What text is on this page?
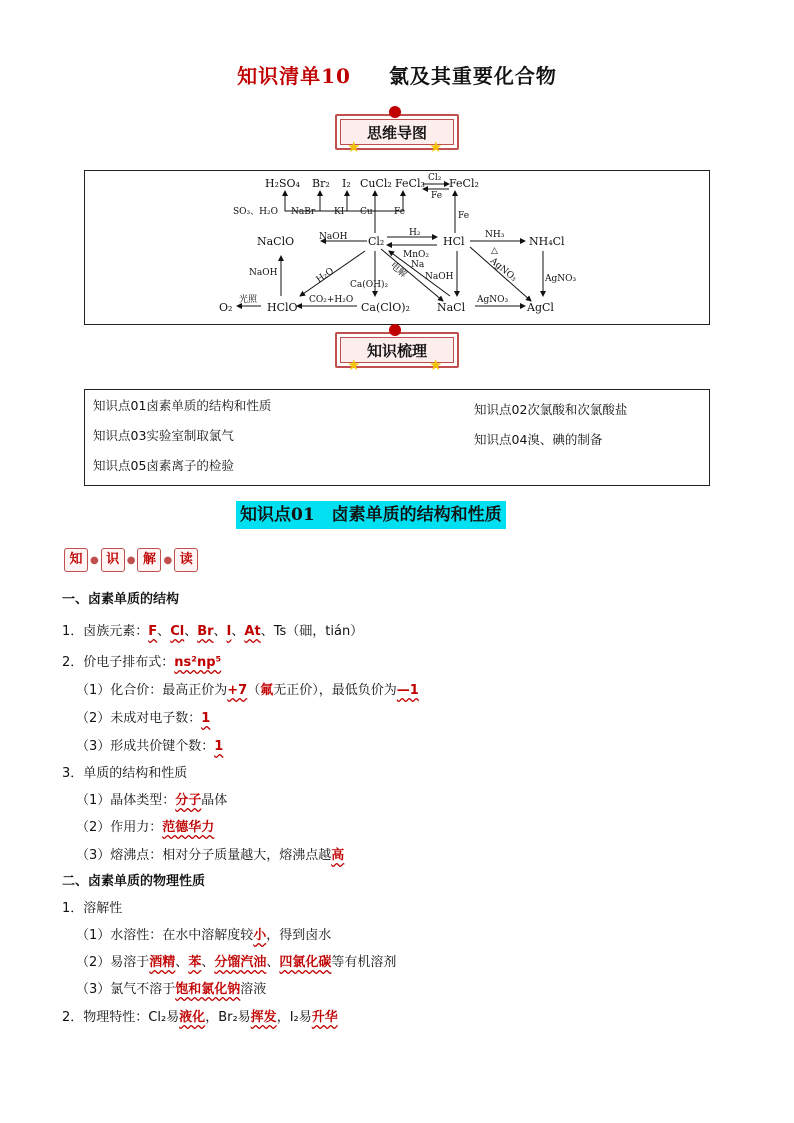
知识清单10 氯及其重要化合物
思维导图
★	★
H₂SO₄ Br₂ I₂ CuCl₂ FeCl₃ FeCl₂
Cl₂
Fe
SO₃、H₂O NaBr KI Cu Fe	Fe
NaClO	NaOH Cl₂
H₂
MnO₂
HCl NH₃
△
NH₄Cl
NaOH	H₂O Ca(OH)₂
电解 Na
NaOH	AgNO₃	AgNO₃
O₂
光照
HClO
CO₂+H₂O
Ca(ClO)₂ NaCl
AgNO₃
AgCl
知识梳理
★	★
知识点01卤素单质的结构和性质	知识点02次氯酸和次氯酸盐
知识点03实验室制取氯气	知识点04溴、碘的制备
知识点05卤素离子的检验
知识点01　卤素单质的结构和性质
知 ● 识 ● 解 ● 读
一、卤素单质的结构
1．卤族元素：F、Cl、Br、I、At、Ts（鿬，tián）
2．价电子排布式：ns²np⁵
（1）化合价：最高正价为+7（氟无正价），最低负价为—1
（2）未成对电子数：1
（3）形成共价键个数：1
3．单质的结构和性质
（1）晶体类型：分子晶体
（2）作用力：范德华力
（3）熔沸点：相对分子质量越大，熔沸点越高
二、卤素单质的物理性质
1．溶解性
（1）水溶性：在水中溶解度较小，得到卤水
（2）易溶于酒精、苯、分馏汽油、四氯化碳等有机溶剂
（3）氯气不溶于饱和氯化钠溶液
2．物理特性：Cl₂易液化，Br₂易挥发，I₂易升华
